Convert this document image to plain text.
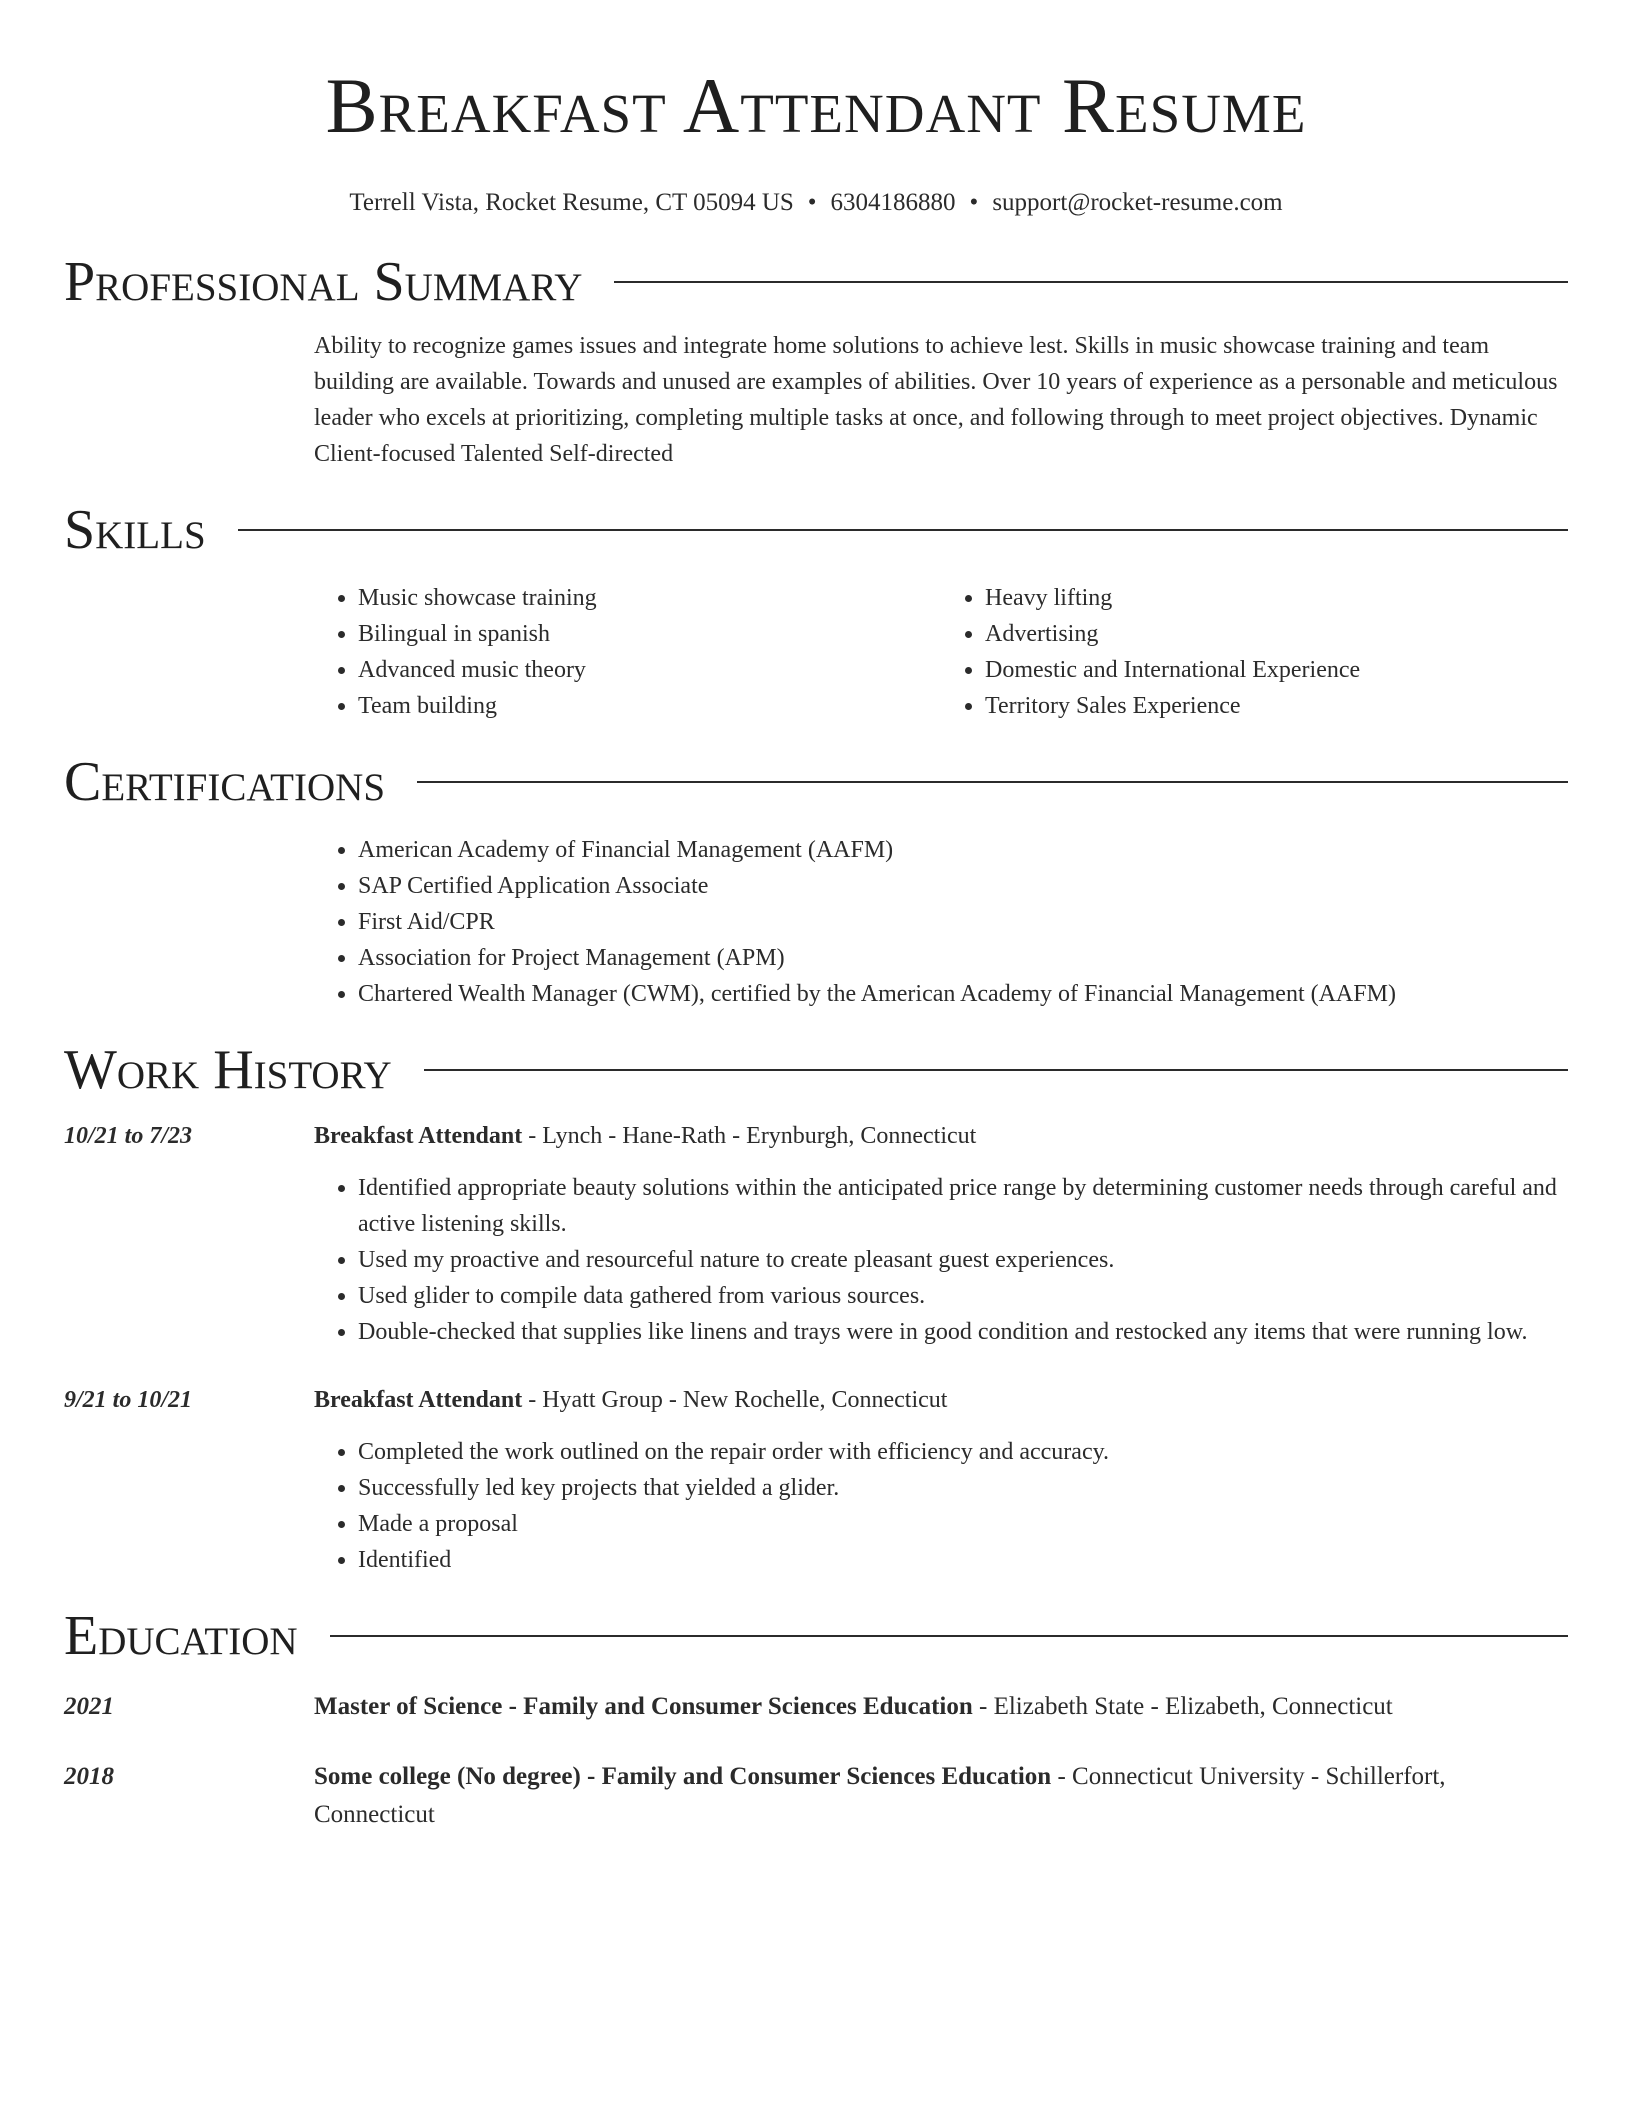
Breakfast Attendant Resume
Terrell Vista, Rocket Resume, CT 05094 US • 6304186880 • support@rocket-resume.com
Professional Summary

Ability to recognize games issues and integrate home solutions to achieve lest. Skills in music showcase training and team building are available. Towards and unused are examples of abilities. Over 10 years of experience as a personable and meticulous leader who excels at prioritizing, completing multiple tasks at once, and following through to meet project objectives. Dynamic Client-focused Talented Self-directed

Skills
• Music showcase training
• Bilingual in spanish
• Advanced music theory
• Team building
• Heavy lifting
• Advertising
• Domestic and International Experience
• Territory Sales Experience
Certifications
• American Academy of Financial Management (AAFM)
• SAP Certified Application Associate
• First Aid/CPR
• Association for Project Management (APM)
• Chartered Wealth Manager (CWM), certified by the American Academy of Financial Management (AAFM)
Work History
10/21 to 7/23	Breakfast Attendant - Lynch - Hane-Rath - Erynburgh, Connecticut
• Identified appropriate beauty solutions within the anticipated price range by determining customer needs through careful and active listening skills.
• Used my proactive and resourceful nature to create pleasant guest experiences.
• Used glider to compile data gathered from various sources.
• Double-checked that supplies like linens and trays were in good condition and restocked any items that were running low.
9/21 to 10/21	Breakfast Attendant - Hyatt Group - New Rochelle, Connecticut
• Completed the work outlined on the repair order with efficiency and accuracy.
• Successfully led key projects that yielded a glider.
• Made a proposal
• Identified
Education
2021	Master of Science - Family and Consumer Sciences Education - Elizabeth State - Elizabeth, Connecticut
2018	Some college (No degree) - Family and Consumer Sciences Education - Connecticut University - Schillerfort, Connecticut
